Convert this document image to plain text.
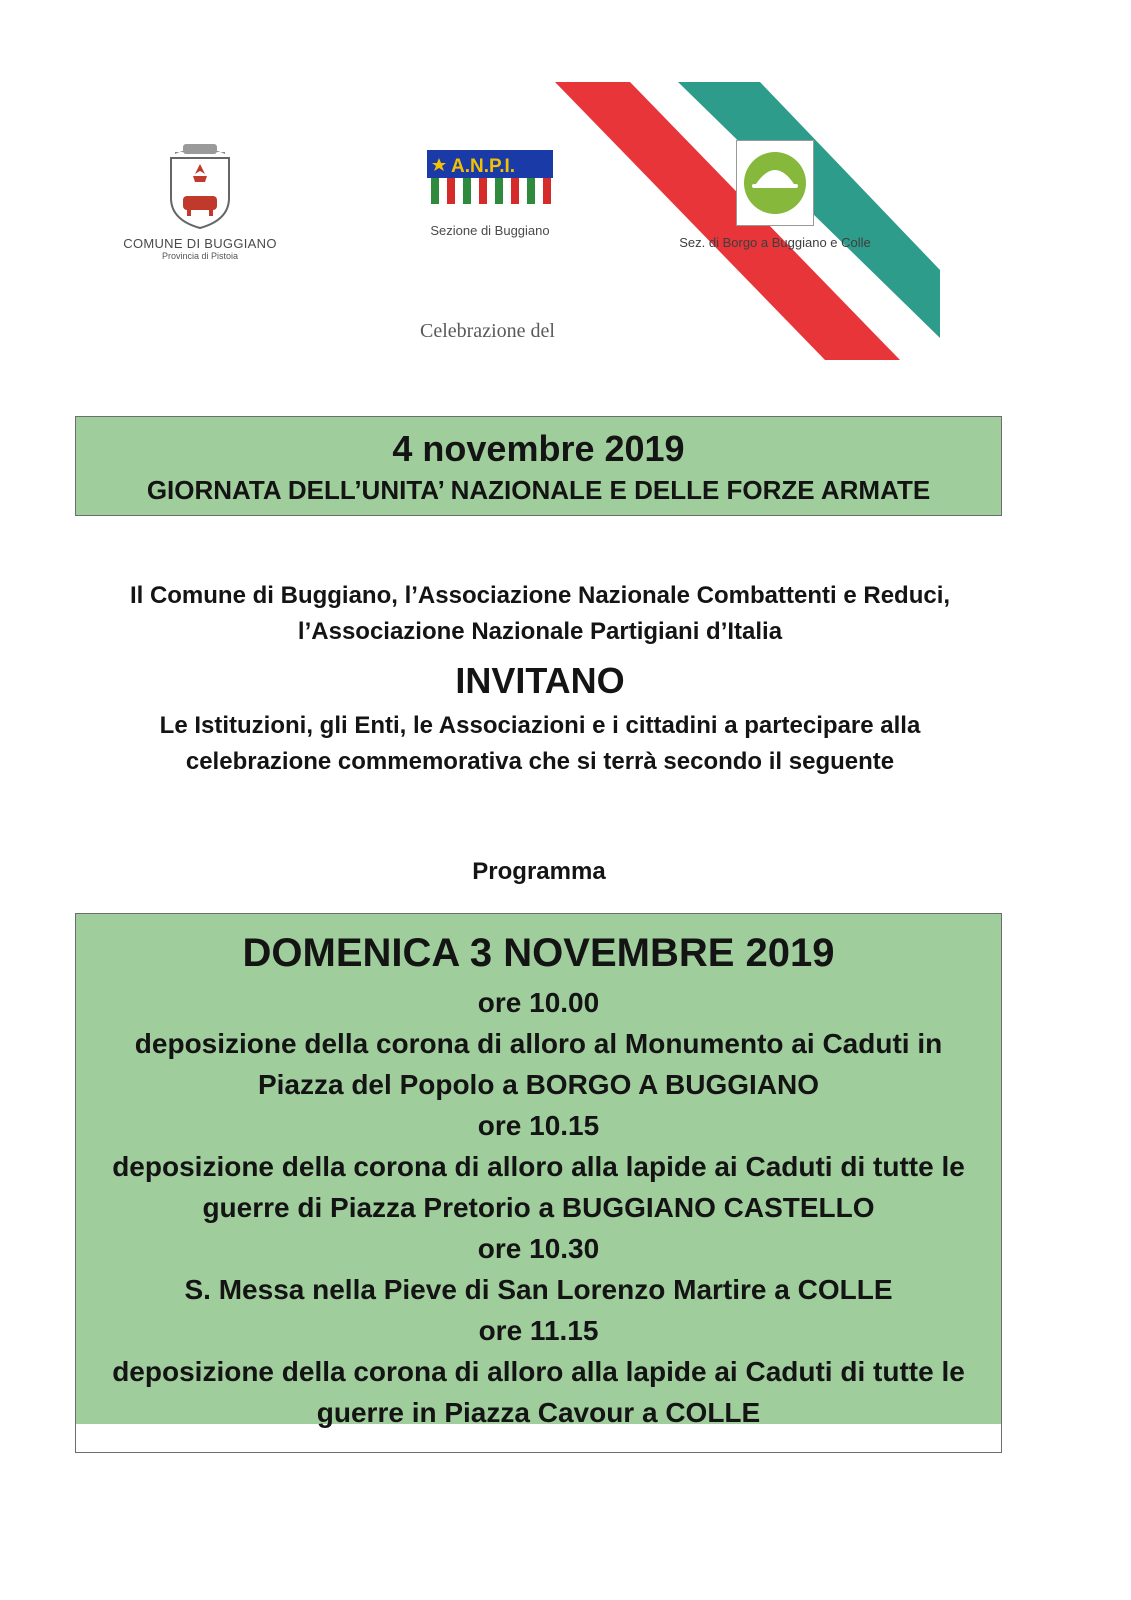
COMUNE DI BUGGIANO
Provincia di Pistoia
A.N.P.I.
Sezione di Buggiano
Celebrazione del
Sez. di Borgo a Buggiano e Colle
4 novembre 2019
GIORNATA DELL’UNITA’ NAZIONALE E DELLE FORZE ARMATE
Il Comune di Buggiano, l’Associazione Nazionale Combattenti e Reduci,
l’Associazione Nazionale Partigiani d’Italia
INVITANO
Le Istituzioni, gli Enti, le Associazioni e i cittadini a partecipare alla
celebrazione commemorativa che si terrà secondo il seguente
Programma
DOMENICA 3 NOVEMBRE 2019
ore 10.00
deposizione della corona di alloro al Monumento ai Caduti in
Piazza del Popolo a BORGO A BUGGIANO
ore 10.15
deposizione della corona di alloro alla lapide ai Caduti di tutte le
guerre di Piazza Pretorio a BUGGIANO CASTELLO
ore 10.30
S. Messa nella Pieve di San Lorenzo Martire a COLLE
ore 11.15
deposizione della corona di alloro alla lapide ai Caduti di tutte le
guerre in Piazza Cavour a COLLE
